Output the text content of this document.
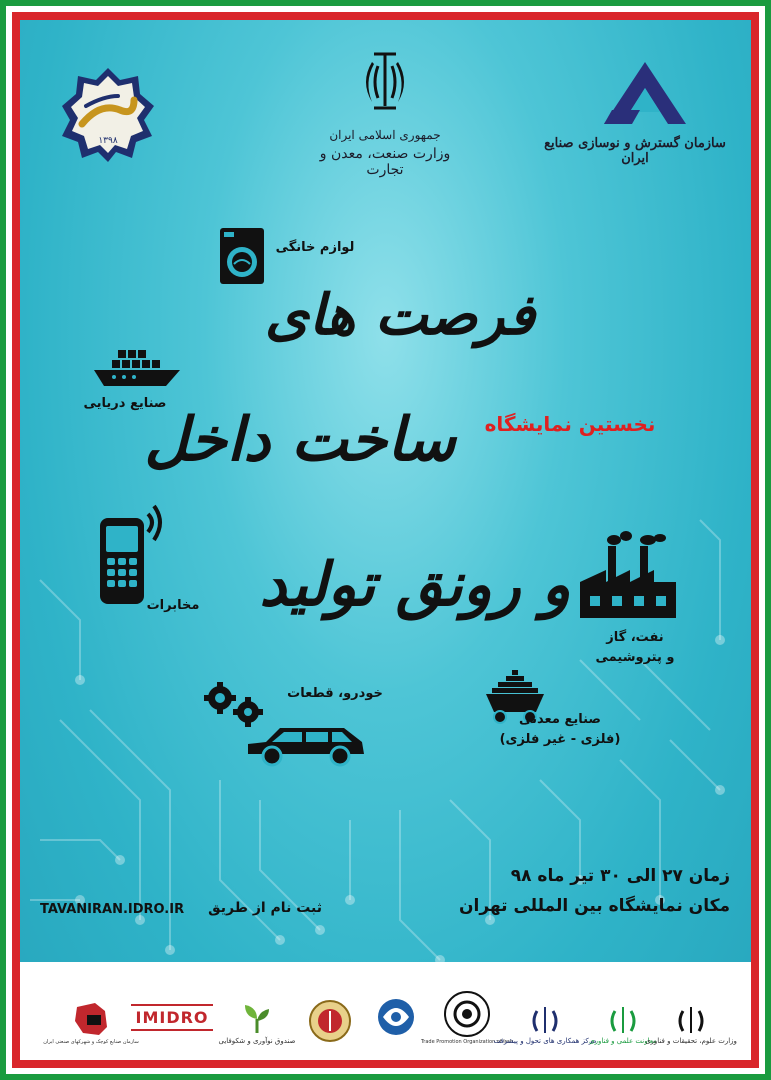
۱۳۹۸	جمهوری اسلامی ایران
وزارت صنعت، معدن و تجارت
سازمان گسترش و نوسازی صنایع ایران
فرصت های
نخستین نمایشگاه
ساخت داخل
و رونق تولید
لوازم خانگی
صنایع دریایی
مخابرات
نفت، گاز
و پتروشیمی
خودرو، قطعات
صنایع معدنی
(فلزی - غیر فلزی)
زمان ۲۷ الی ۳۰ تیر ماه ۹۸
مکان نمایشگاه بین المللی تهران
ثبت نام از طریق
TAVANIRAN.IDRO.IR
سازمان صنایع کوچک و شهرکهای صنعتی ایران
IMIDRO
صندوق نوآوری و شکوفایی	Trade Promotion Organization of Iran
مرکز همکاری های تحول و پیشرفت
معاونت علمی و فناوری
وزارت علوم، تحقیقات و فناوری
